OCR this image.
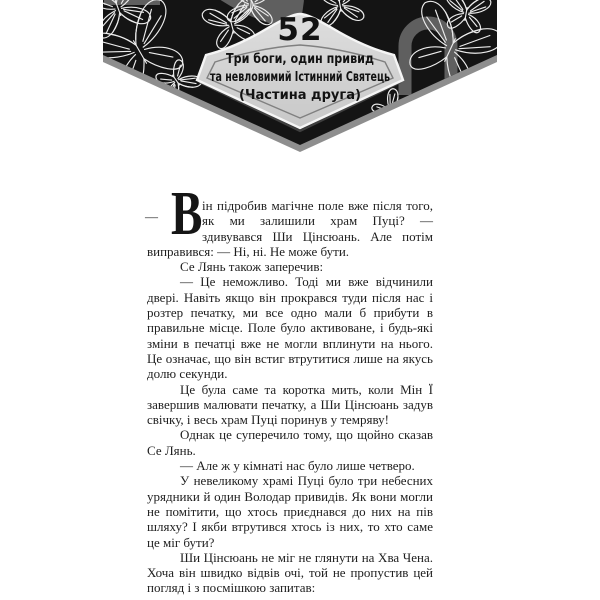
52
Три боги, один привид
та невловимий Істинний Святець
(Частина друга)

— В ін підробив магічне поле вже після того, як ми залишили храм Пуці? — здивувався Ши Цінсюань. Але потім виправився: — Ні, ні. Не може бути.

Се Лянь також заперечив:

— Це неможливо. Тоді ми вже відчинили двері. Навіть якщо він прокрався туди після нас і розтер печатку, ми все одно мали б прибути в правильне місце. Поле було активоване, і будь-які зміни в печатці вже не могли вплинути на нього. Це означає, що він встиг втрутитися лише на якусь долю секунди.

Це була саме та коротка мить, коли Мін Ї завершив малювати печатку, а Ши Цінсюань задув свічку, і весь храм Пуці поринув у темряву!

Однак це суперечило тому, що щойно сказав Се Лянь.

— Але ж у кімнаті нас було лише четверо.

У невеликому храмі Пуці було три небесних урядники й один Володар привидів. Як вони могли не помітити, що хтось приєднався до них на пів шляху? І якби втрутився хтось із них, то хто саме це міг бути?

Ши Цінсюань не міг не глянути на Хва Чена. Хоча він швидко відвів очі, той не пропустив цей погляд і з посмішкою запитав:
